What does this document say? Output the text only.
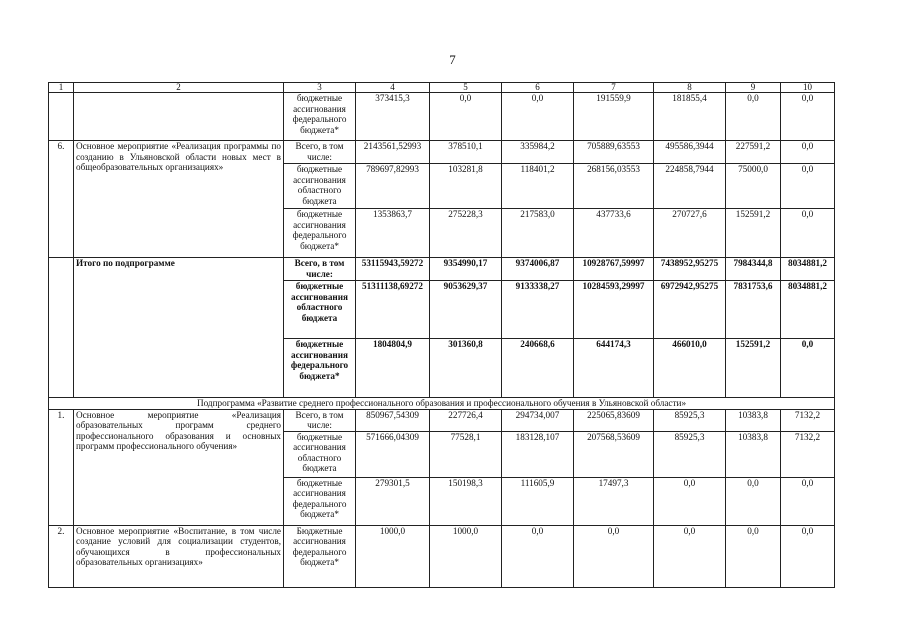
7
1	2	3	4	5	6	7	8	9	10
		бюджетные ассигнования федерального бюджета*	373415,3	0,0	0,0	191559,9	181855,4	0,0	0,0
6.	Основное мероприятие «Реализация программы по созданию в Ульяновской области новых мест в общеобразовательных организациях»	Всего, в том числе:	2143561,52993	378510,1	335984,2	705889,63553	495586,3944	227591,2	0,0
		бюджетные ассигнования областного бюджета	789697,82993	103281,8	118401,2	268156,03553	224858,7944	75000,0	0,0
		бюджетные ассигнования федерального бюджета*	1353863,7	275228,3	217583,0	437733,6	270727,6	152591,2	0,0
	Итого по подпрограмме	Всего, в том числе:	53115943,59272	9354990,17	9374006,87	10928767,59997	7438952,95275	7984344,8	8034881,2
		бюджетные ассигнования областного бюджета	51311138,69272	9053629,37	9133338,27	10284593,29997	6972942,95275	7831753,6	8034881,2
		бюджетные ассигнования федерального бюджета*	1804804,9	301360,8	240668,6	644174,3	466010,0	152591,2	0,0
Подпрограмма «Развитие среднего профессионального образования и профессионального обучения в Ульяновской области»									
1.	Основное мероприятие «Реализация образовательных программ среднего профессионального образования и основных программ профессионального обучения»	Всего, в том числе:	850967,54309	227726,4	294734,007	225065,83609	85925,3	10383,8	7132,2
		бюджетные ассигнования областного бюджета	571666,04309	77528,1	183128,107	207568,53609	85925,3	10383,8	7132,2
		бюджетные ассигнования федерального бюджета*	279301,5	150198,3	111605,9	17497,3	0,0	0,0	0,0
2.	Основное мероприятие «Воспитание, в том числе создание условий для социализации студентов, обучающихся в профессиональных образовательных организациях»	Бюджетные ассигнования федерального бюджета*	1000,0	1000,0	0,0	0,0	0,0	0,0	0,0
